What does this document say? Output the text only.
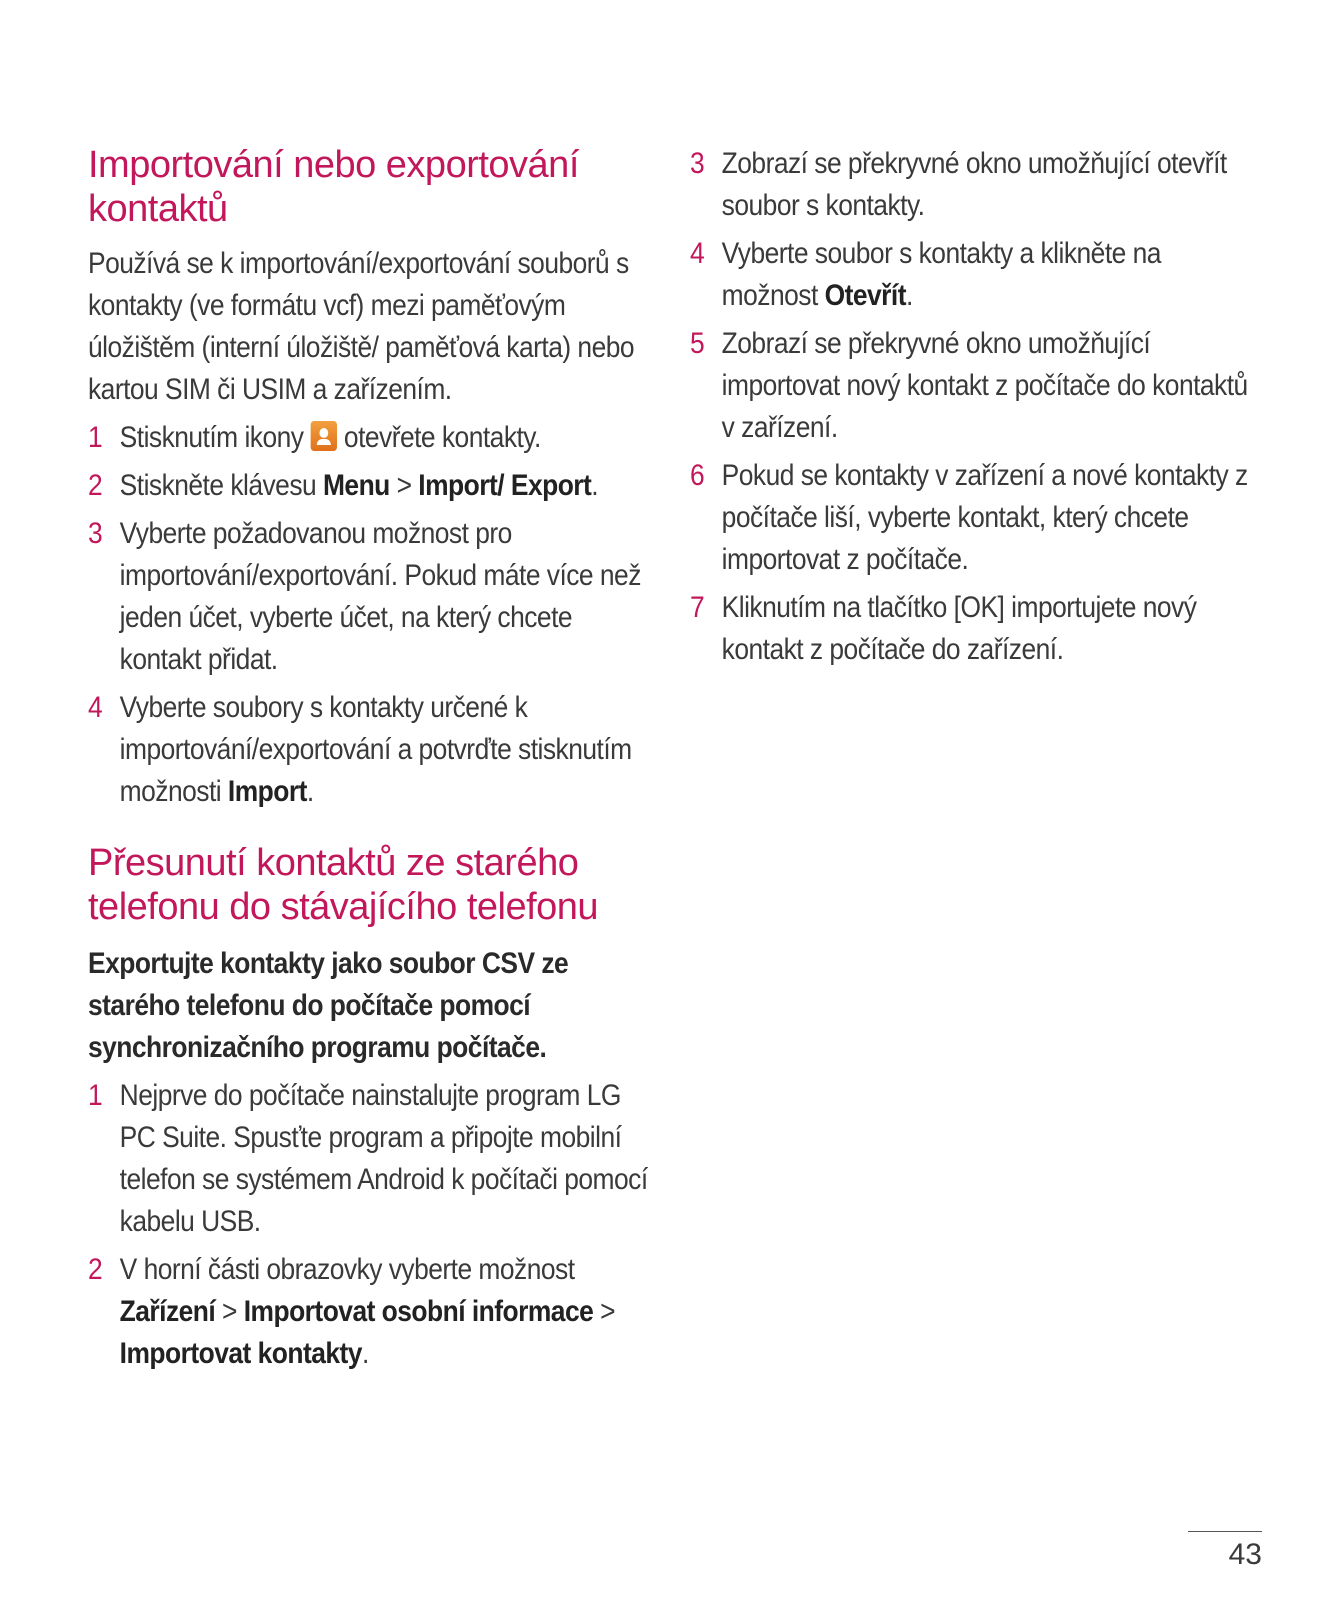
Importování nebo exportování kontaktů
Používá se k importování/exportování souborů s kontakty (ve formátu vcf) mezi paměťovým úložištěm (interní úložiště/ paměťová karta) nebo kartou SIM či USIM a zařízením.
1 Stisknutím ikony otevřete kontakty.
2 Stiskněte klávesu Menu > Import/ Export.
3 Vyberte požadovanou možnost pro importování/exportování. Pokud máte více než jeden účet, vyberte účet, na který chcete kontakt přidat.
4 Vyberte soubory s kontakty určené k importování/exportování a potvrďte stisknutím možnosti Import.
Přesunutí kontaktů ze starého telefonu do stávajícího telefonu
Exportujte kontakty jako soubor CSV ze starého telefonu do počítače pomocí synchronizačního programu počítače.
1 Nejprve do počítače nainstalujte program LG PC Suite. Spusťte program a připojte mobilní telefon se systémem Android k počítači pomocí kabelu USB.
2 V horní části obrazovky vyberte možnost Zařízení > Importovat osobní informace > Importovat kontakty.
3 Zobrazí se překryvné okno umožňující otevřít soubor s kontakty.
4 Vyberte soubor s kontakty a klikněte na možnost Otevřít.
5 Zobrazí se překryvné okno umožňující importovat nový kontakt z počítače do kontaktů v zařízení.
6 Pokud se kontakty v zařízení a nové kontakty z počítače liší, vyberte kontakt, který chcete importovat z počítače.
7 Kliknutím na tlačítko [OK] importujete nový kontakt z počítače do zařízení.
43
